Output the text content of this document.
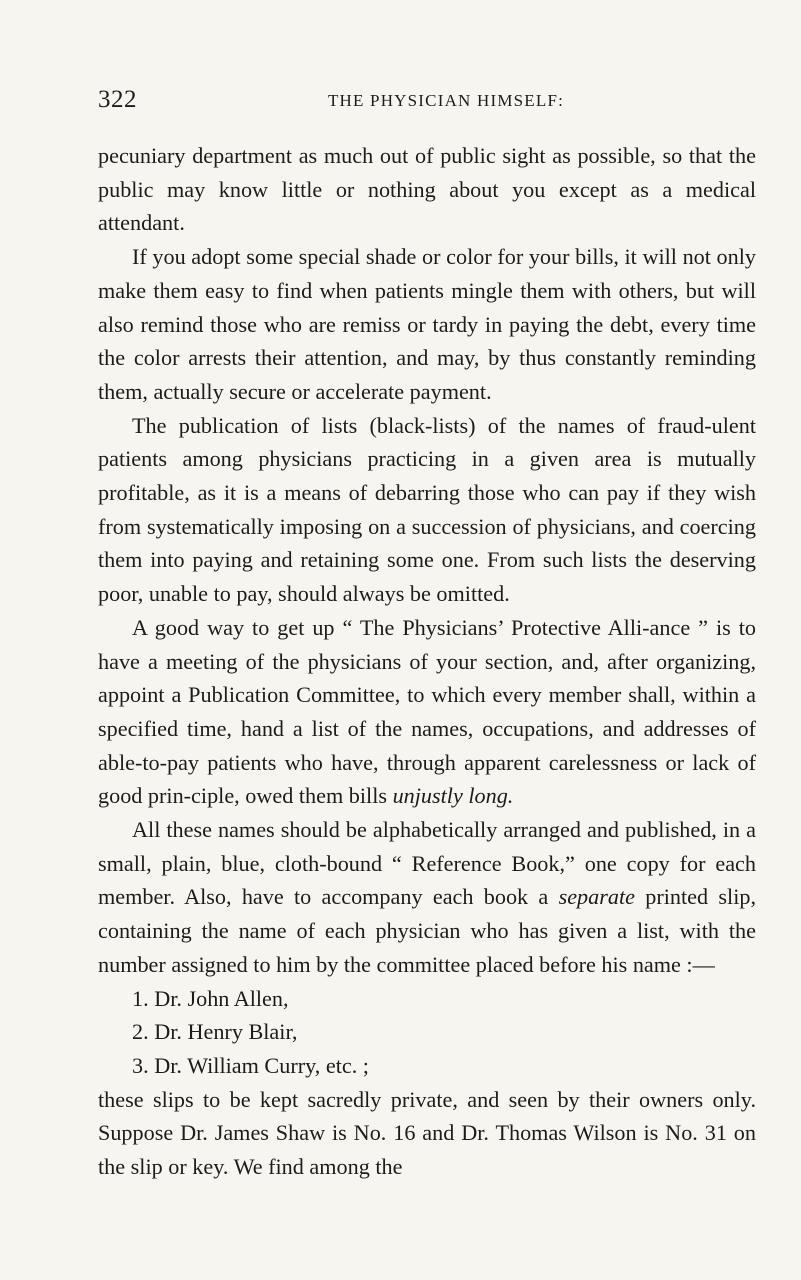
322	THE PHYSICIAN HIMSELF:

pecuniary department as much out of public sight as possible, so that the public may know little or nothing about you except as a medical attendant.

If you adopt some special shade or color for your bills, it will not only make them easy to find when patients mingle them with others, but will also remind those who are remiss or tardy in paying the debt, every time the color arrests their attention, and may, by thus constantly reminding them, actually secure or accelerate payment.

The publication of lists (black-lists) of the names of fraud-ulent patients among physicians practicing in a given area is mutually profitable, as it is a means of debarring those who can pay if they wish from systematically imposing on a succession of physicians, and coercing them into paying and retaining some one. From such lists the deserving poor, unable to pay, should always be omitted.

A good way to get up “ The Physicians’ Protective Alli-ance ” is to have a meeting of the physicians of your section, and, after organizing, appoint a Publication Committee, to which every member shall, within a specified time, hand a list of the names, occupations, and addresses of able-to-pay patients who have, through apparent carelessness or lack of good prin-ciple, owed them bills unjustly long.

All these names should be alphabetically arranged and published, in a small, plain, blue, cloth-bound “ Reference Book,” one copy for each member. Also, have to accompany each book a separate printed slip, containing the name of each physician who has given a list, with the number assigned to him by the committee placed before his name :—

1. Dr. John Allen,
2. Dr. Henry Blair,
3. Dr. William Curry, etc. ;

these slips to be kept sacredly private, and seen by their owners only. Suppose Dr. James Shaw is No. 16 and Dr. Thomas Wilson is No. 31 on the slip or key. We find among the
